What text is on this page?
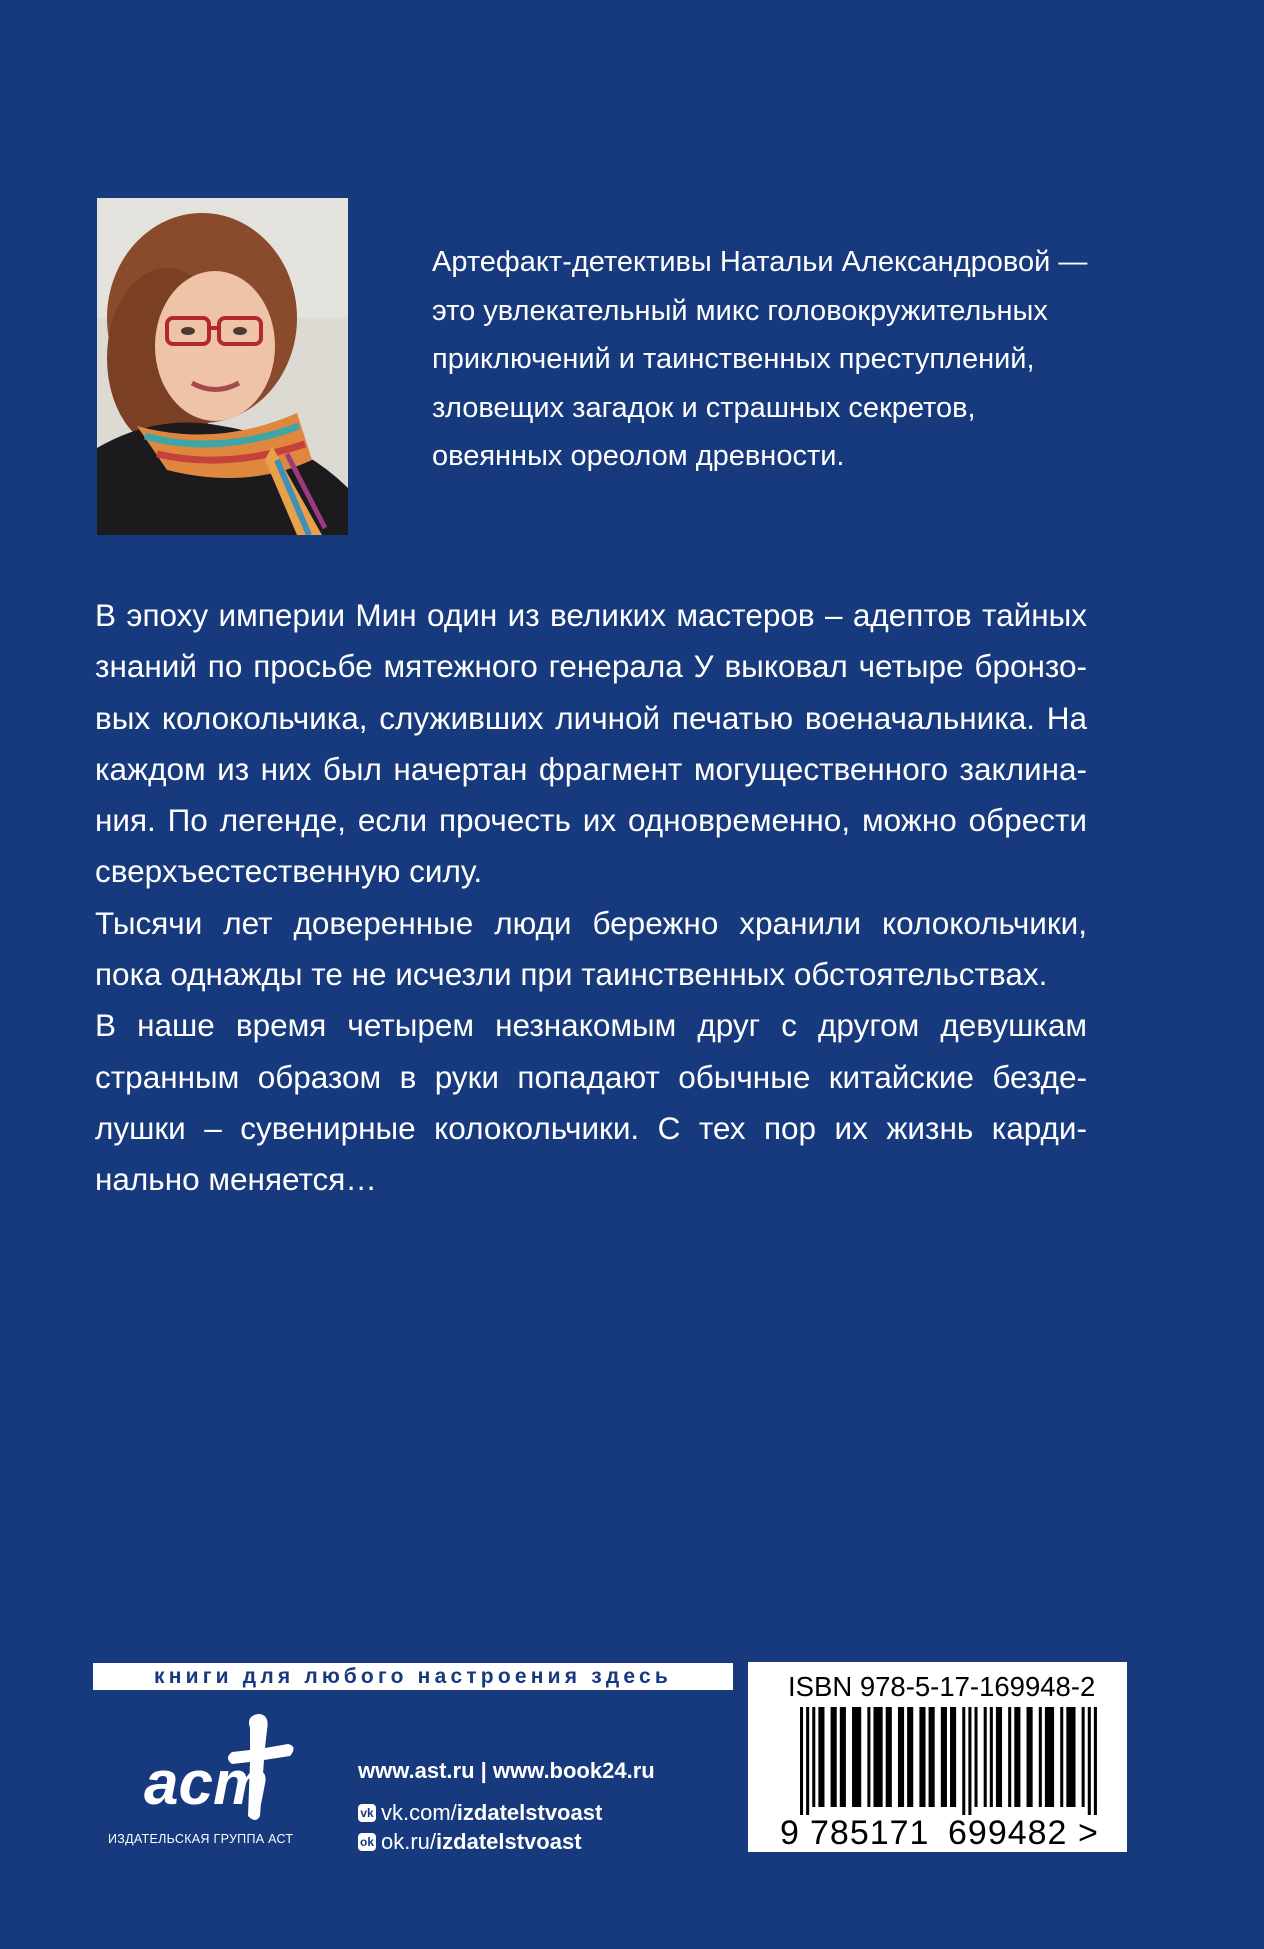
Артефакт-детективы Натальи Александровой —
это увлекательный микс головокружительных
приключений и таинственных преступлений,
зловещих загадок и страшных секретов,
овеянных ореолом древности.
В эпоху империи Мин один из великих мастеров – адептов тайных
знаний по просьбе мятежного генерала У выковал четыре бронзо-
вых колокольчика, служивших личной печатью военачальника. На
каждом из них был начертан фрагмент могущественного заклина-
ния. По легенде, если прочесть их одновременно, можно обрести
сверхъестественную силу.
Тысячи лет доверенные люди бережно хранили колокольчики,
пока однажды те не исчезли при таинственных обстоятельствах.
В наше время четырем незнакомым друг с другом девушкам
странным образом в руки попадают обычные китайские безде-
лушки – сувенирные колокольчики. С тех пор их жизнь карди-
нально меняется…
книги для любого настроения здесь
аст
ИЗДАТЕЛЬСКАЯ ГРУППА АСТ
www.ast.ru | www.book24.ru
vk vk.com/ izdatelstvoast
ok ok.ru/ izdatelstvoast
ISBN 978-5-17-169948-2
9 785171 699482 >
